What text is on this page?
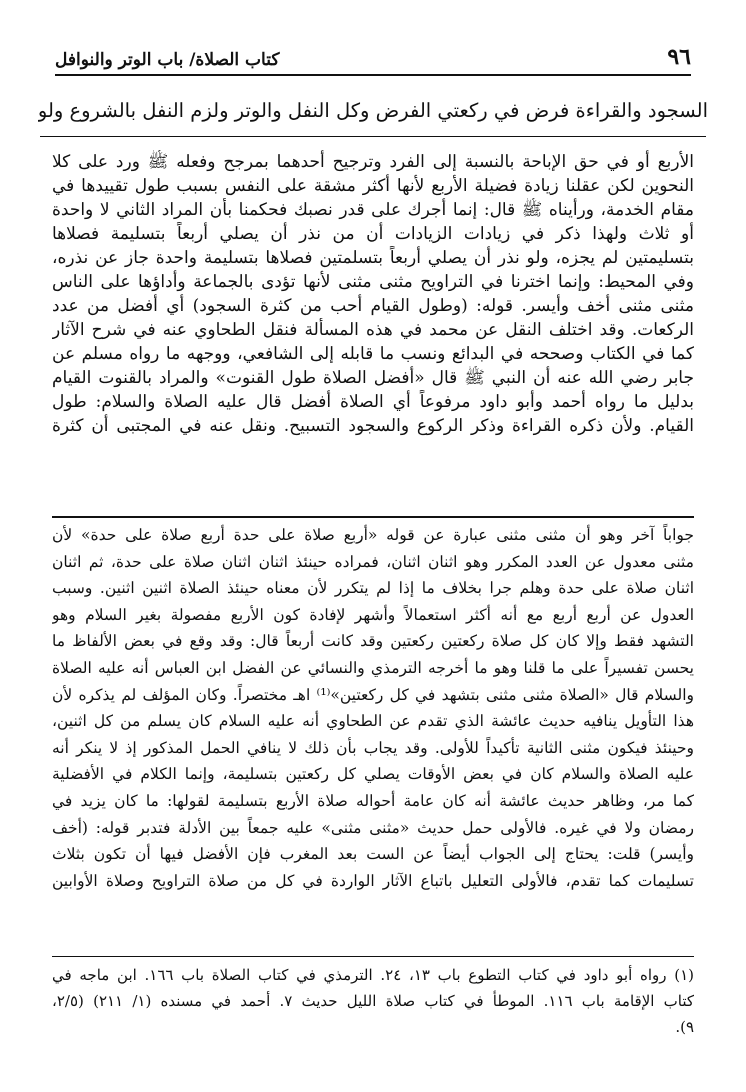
٩٦
كتاب الصلاة/ باب الوتر والنوافل
السجود والقراءة فرض في ركعتي الفرض وكل النفل والوتر ولزم النفل بالشروع ولو
الأربع أو في حق الإباحة بالنسبة إلى الفرد وترجيح أحدهما بمرجح وفعله ﷺ ورد على كلا
النحوين لكن عقلنا زيادة فضيلة الأربع لأنها أكثر مشقة على النفس بسبب طول تقييدها في
مقام الخدمة، ورأيناه ﷺ قال: إنما أجرك على قدر نصبك فحكمنا بأن المراد الثاني لا واحدة
أو ثلاث ولهذا ذكر في زيادات الزيادات أن من نذر أن يصلي أربعاً بتسليمة فصلاها
بتسليمتين لم يجزه، ولو نذر أن يصلي أربعاً بتسلمتين فصلاها بتسليمة واحدة جاز عن نذره،
وفي المحيط: وإنما اخترنا في التراويح مثنى مثنى لأنها تؤدى بالجماعة وأداؤها على الناس
مثنى مثنى أخف وأيسر. قوله: (وطول القيام أحب من كثرة السجود) أي أفضل من عدد
الركعات. وقد اختلف النقل عن محمد في هذه المسألة فنقل الطحاوي عنه في شرح الآثار
كما في الكتاب وصححه في البدائع ونسب ما قابله إلى الشافعي، ووجهه ما رواه مسلم عن
جابر رضي الله عنه أن النبي ﷺ قال «أفضل الصلاة طول القنوت» والمراد بالقنوت القيام
بدليل ما رواه أحمد وأبو داود مرفوعاً أي الصلاة أفضل قال عليه الصلاة والسلام: طول
القيام. ولأن ذكره القراءة وذكر الركوع والسجود التسبيح. ونقل عنه في المجتبى أن كثرة
جواباً آخر وهو أن مثنى مثنى عبارة عن قوله «أربع صلاة على حدة أربع صلاة على حدة» لأن
مثنى معدول عن العدد المكرر وهو اثنان اثنان، فمراده حينئذ اثنان اثنان صلاة على حدة، ثم اثنان
اثنان صلاة على حدة وهلم جرا بخلاف ما إذا لم يتكرر لأن معناه حينئذ الصلاة اثنين اثنين. وسبب
العدول عن أربع أربع مع أنه أكثر استعمالاً وأشهر لإفادة كون الأربع مفصولة بغير السلام وهو
التشهد فقط وإلا كان كل صلاة ركعتين ركعتين وقد كانت أربعاً قال: وقد وقع في بعض الألفاظ ما
يحسن تفسيراً على ما قلنا وهو ما أخرجه الترمذي والنسائي عن الفضل ابن العباس أنه عليه الصلاة
والسلام قال «الصلاة مثنى مثنى بتشهد في كل ركعتين»⁽¹⁾ اهـ مختصراً. وكان المؤلف لم يذكره لأن
هذا التأويل ينافيه حديث عائشة الذي تقدم عن الطحاوي أنه عليه السلام كان يسلم من كل اثنين،
وحينئذ فيكون مثنى الثانية تأكيداً للأولى. وقد يجاب بأن ذلك لا ينافي الحمل المذكور إذ لا ينكر أنه
عليه الصلاة والسلام كان في بعض الأوقات يصلي كل ركعتين بتسليمة، وإنما الكلام في الأفضلية
كما مر، وظاهر حديث عائشة أنه كان عامة أحواله صلاة الأربع بتسليمة لقولها: ما كان يزيد في
رمضان ولا في غيره. فالأولى حمل حديث «مثنى مثنى» عليه جمعاً بين الأدلة فتدبر قوله: (أخف
وأيسر) قلت: يحتاج إلى الجواب أيضاً عن الست بعد المغرب فإن الأفضل فيها أن تكون بثلاث
تسليمات كما تقدم، فالأولى التعليل باتباع الآثار الواردة في كل من صلاة التراويح وصلاة الأوابين
(١) رواه أبو داود في كتاب التطوع باب ١٣، ٢٤. الترمذي في كتاب الصلاة باب ١٦٦. ابن ماجه في
كتاب الإقامة باب ١١٦. الموطأ في كتاب صلاة الليل حديث ٧. أحمد في مسنده (١/ ٢١١) (٢/٥،
٩).
